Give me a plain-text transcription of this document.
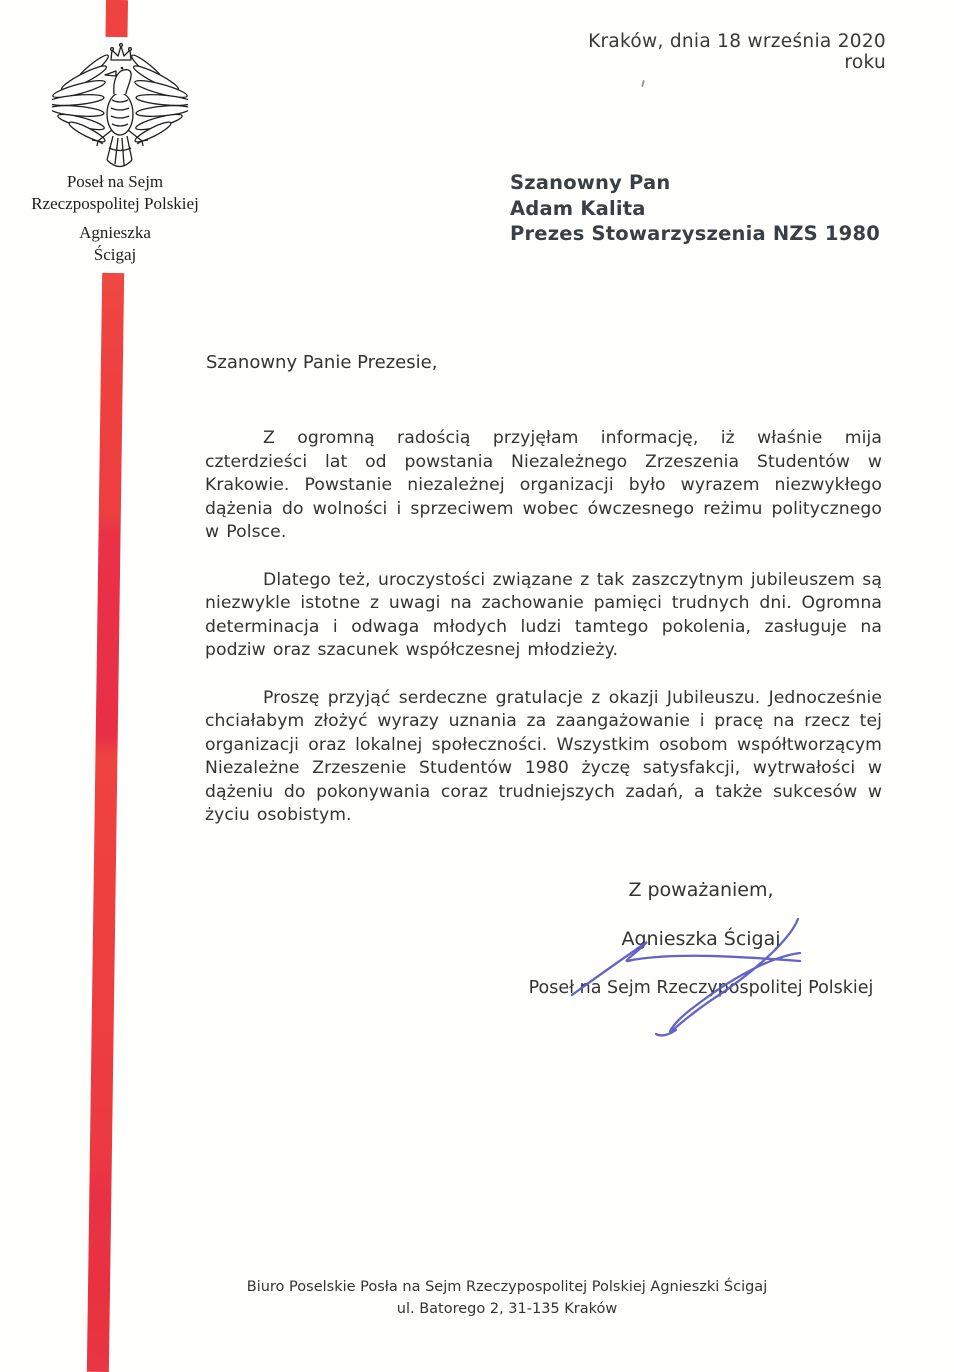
Poseł na Sejm
Rzeczpospolitej Polskiej
Agnieszka
Ścigaj
Kraków, dnia 18 września 2020 roku
Szanowny Pan
Adam Kalita
Prezes Stowarzyszenia NZS 1980
Szanowny Panie Prezesie,

Z ogromną radością przyjęłam informację, iż właśnie mija czterdzieści lat od powstania Niezależnego Zrzeszenia Studentów w Krakowie. Powstanie niezależnej organizacji było wyrazem niezwykłego dążenia do wolności i sprzeciwem wobec ówczesnego reżimu politycznego w Polsce.

Dlatego też, uroczystości związane z tak zaszczytnym jubileuszem są niezwykle istotne z uwagi na zachowanie pamięci trudnych dni. Ogromna determinacja i odwaga młodych ludzi tamtego pokolenia, zasługuje na podziw oraz szacunek współczesnej młodzieży.

Proszę przyjąć serdeczne gratulacje z okazji Jubileuszu. Jednocześnie chciałabym złożyć wyrazy uznania za zaangażowanie i pracę na rzecz tej organizacji oraz lokalnej społeczności. Wszystkim osobom współtworzącym Niezależne Zrzeszenie Studentów 1980 życzę satysfakcji, wytrwałości w dążeniu do pokonywania coraz trudniejszych zadań, a także sukcesów w życiu osobistym.

Z poważaniem,
Agnieszka Ścigaj
Poseł na Sejm Rzeczypospolitej Polskiej
Biuro Poselskie Posła na Sejm Rzeczypospolitej Polskiej Agnieszki Ścigaj
ul. Batorego 2, 31-135 Kraków
